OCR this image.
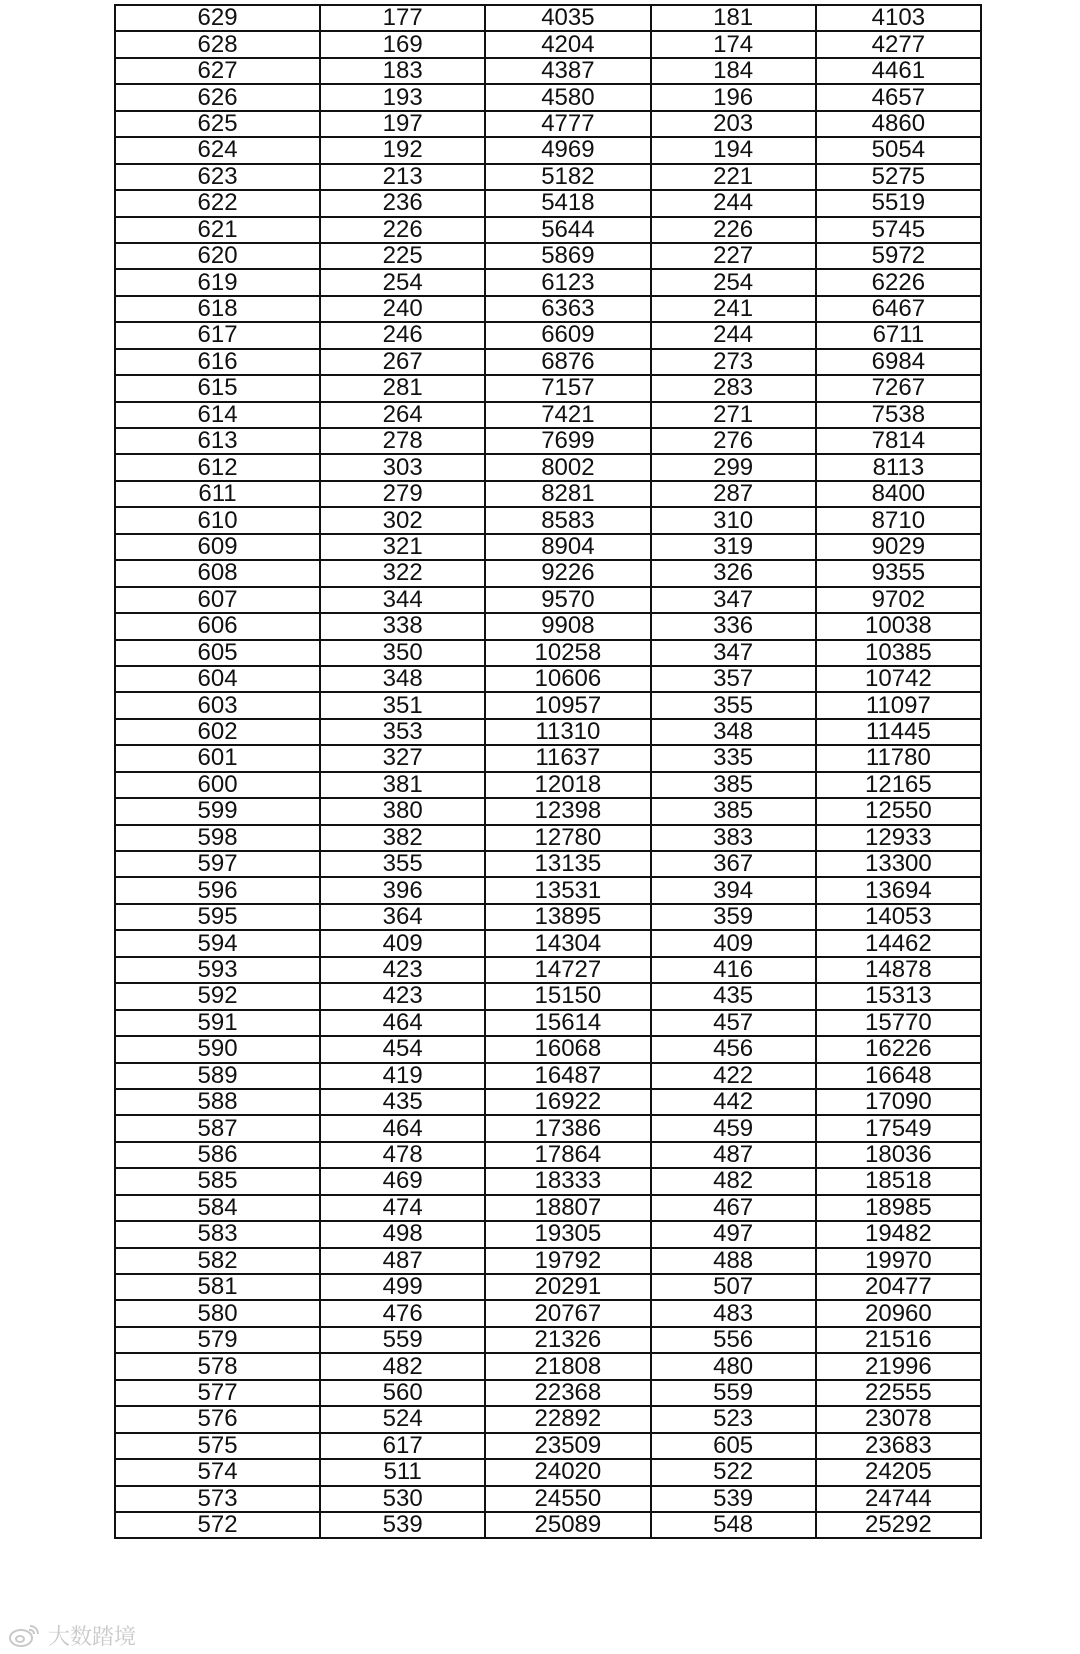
629	177	4035	181	4103
628	169	4204	174	4277
627	183	4387	184	4461
626	193	4580	196	4657
625	197	4777	203	4860
624	192	4969	194	5054
623	213	5182	221	5275
622	236	5418	244	5519
621	226	5644	226	5745
620	225	5869	227	5972
619	254	6123	254	6226
618	240	6363	241	6467
617	246	6609	244	6711
616	267	6876	273	6984
615	281	7157	283	7267
614	264	7421	271	7538
613	278	7699	276	7814
612	303	8002	299	8113
611	279	8281	287	8400
610	302	8583	310	8710
609	321	8904	319	9029
608	322	9226	326	9355
607	344	9570	347	9702
606	338	9908	336	10038
605	350	10258	347	10385
604	348	10606	357	10742
603	351	10957	355	11097
602	353	11310	348	11445
601	327	11637	335	11780
600	381	12018	385	12165
599	380	12398	385	12550
598	382	12780	383	12933
597	355	13135	367	13300
596	396	13531	394	13694
595	364	13895	359	14053
594	409	14304	409	14462
593	423	14727	416	14878
592	423	15150	435	15313
591	464	15614	457	15770
590	454	16068	456	16226
589	419	16487	422	16648
588	435	16922	442	17090
587	464	17386	459	17549
586	478	17864	487	18036
585	469	18333	482	18518
584	474	18807	467	18985
583	498	19305	497	19482
582	487	19792	488	19970
581	499	20291	507	20477
580	476	20767	483	20960
579	559	21326	556	21516
578	482	21808	480	21996
577	560	22368	559	22555
576	524	22892	523	23078
575	617	23509	605	23683
574	511	24020	522	24205
573	530	24550	539	24744
572	539	25089	548	25292
大数踏境
